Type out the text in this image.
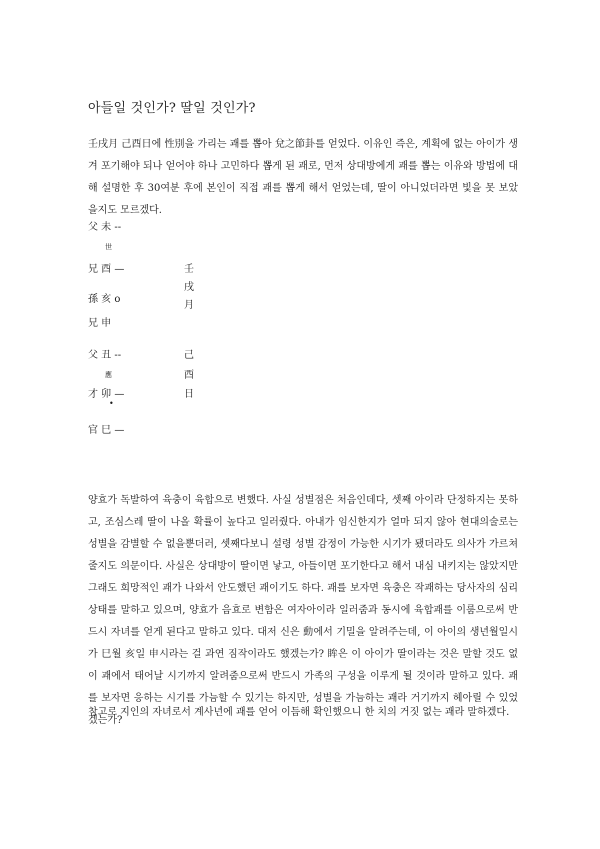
아들일 것인가? 딸일 것인가?

壬戌月 己酉日에 性別을 가리는 괘를 뽑아 兌之節卦를 얻었다. 이유인 즉은, 계획에 없는 아이가 생겨 포기해야 되나 얻어야 하나 고민하다 뽑게 된 괘로, 먼저 상대방에게 괘를 뽑는 이유와 방법에 대해 설명한 후 30여분 후에 본인이 직접 괘를 뽑게 해서 얻었는데, 딸이 아니었더라면 빛을 못 보았을지도 모르겠다.

父 未 --
世
兄 酉 —
孫 亥 o
兄 申
父 丑 --
應
才 卯 —
•
官 巳 —
壬
戌
月
己
酉
日

양효가 독발하여 육충이 육합으로 변했다. 사실 성별점은 처음인데다, 셋째 아이라 단정하지는 못하고, 조심스레 딸이 나올 확률이 높다고 일러줬다. 아내가 임신한지가 얼마 되지 않아 현대의술로는 성별을 감별할 수 없을뿐더러, 셋째다보니 설령 성별 감정이 가능한 시기가 됐더라도 의사가 가르쳐 줄지도 의문이다. 사실은 상대방이 딸이면 낳고, 아들이면 포기한다고 해서 내심 내키지는 않았지만 그래도 희망적인 괘가 나와서 안도했던 괘이기도 하다. 괘를 보자면 육충은 작괘하는 당사자의 심리상태를 말하고 있으며, 양효가 음효로 변함은 여자아이라 일러줌과 동시에 육합괘를 이룸으로써 반드시 자녀를 얻게 된다고 말하고 있다. 대저 신은 動에서 기밀을 알려주는데, 이 아이의 생년월일시가 巳월 亥일 申시라는 걸 과연 짐작이라도 했겠는가? 眸은 이 아이가 딸이라는 것은 말할 것도 없이 괘에서 태어날 시기까지 알려줌으로써 반드시 가족의 구성을 이루게 될 것이라 말하고 있다. 괘를 보자면 응하는 시기를 가늠할 수 있기는 하지만, 성별을 가늠하는 괘라 거기까지 헤아릴 수 있었겠는가?

참고로 지인의 자녀로서 계사년에 괘를 얻어 이듬해 확인했으니 한 치의 거짓 없는 괘라 말하겠다.
